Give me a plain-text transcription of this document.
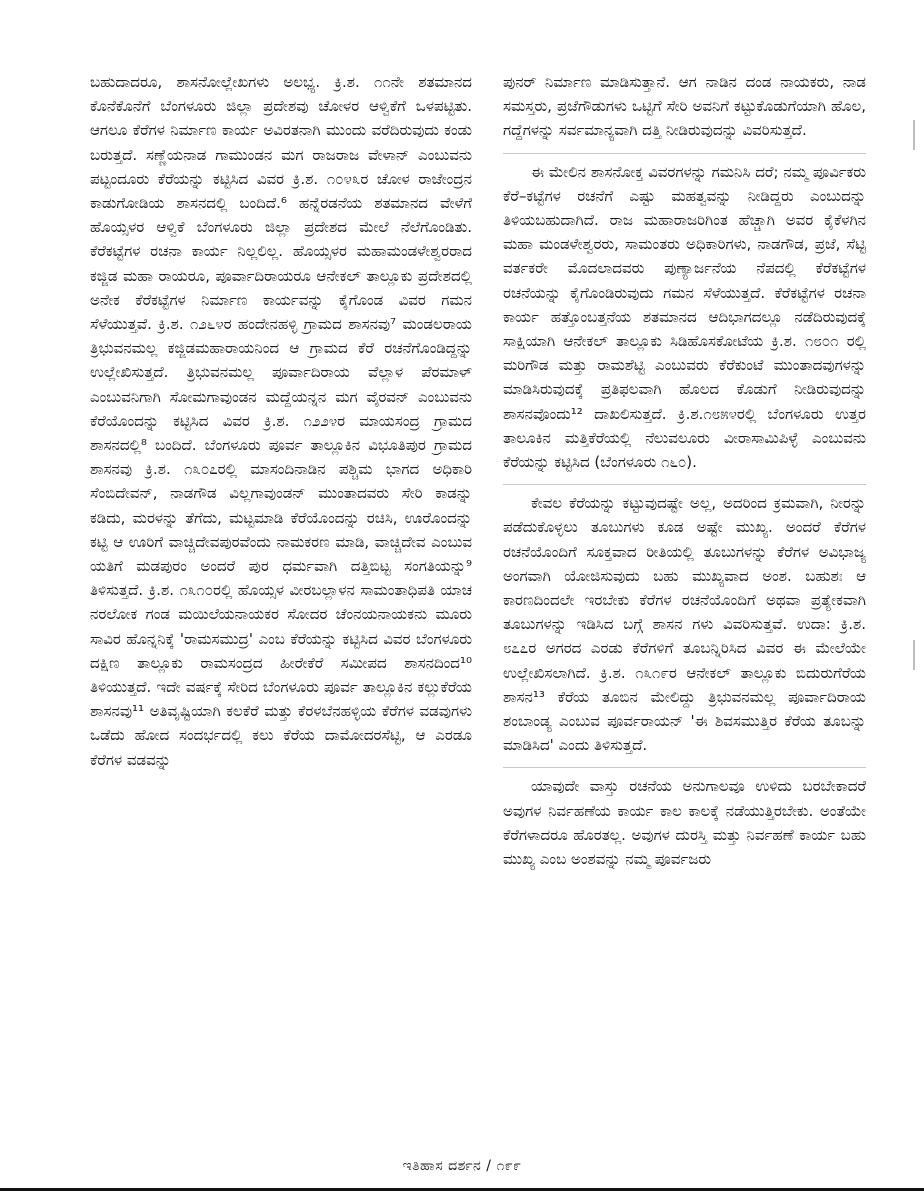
ಬಹುದಾದರೂ, ಶಾಸನೋಲ್ಲೇಖಗಳು ಅಲಭ್ಯ. ಕ್ರಿ.ಶ. ೧೧ನೇ ಶತಮಾನದ ಕೊನೆಕೊನೆಗೆ ಬೆಂಗಳೂರು ಜಿಲ್ಲಾ ಪ್ರದೇಶವು ಚೋಳರ ಆಳ್ವಿಕೆಗೆ ಒಳಪಟ್ಟಿತು. ಆಗಲೂ ಕೆರೆಗಳ ನಿರ್ಮಾಣ ಕಾರ್ಯ ಅವಿರತನಾಗಿ ಮುಂದು ವರೆದಿರುವುದು ಕಂಡು ಬರುತ್ತದೆ. ಸಣ್ಣೆಯನಾಡ ಗಾಮುಂಡನ ಮಗ ರಾಜರಾಜ ವೇಳಾನ್ ಎಂಬುವನು ಪಟ್ಟಂದೂರು ಕೆರೆಯನ್ನು ಕಟ್ಟಿಸಿದ ವಿವರ ಕ್ರಿ.ಶ. ೧೦೪೩ರ ಚೋಳ ರಾಜೇಂದ್ರನ ಕಾಡುಗೋಡಿಯ ಶಾಸನದಲ್ಲಿ ಬಂದಿದೆ.⁶ ಹನ್ನೆರಡನೆಯ ಶತಮಾನದ ವೇಳೆಗೆ ಹೊಯ್ಸಳರ ಆಳ್ವಿಕೆ ಬೆಂಗಳೂರು ಜಿಲ್ಲಾ ಪ್ರದೇಶದ ಮೇಲೆ ನೆಲೆಗೊಂಡಿತು. ಕೆರೆಕಟ್ಟೆಗಳ ರಚನಾ ಕಾರ್ಯ ನಿಲ್ಲಲಿಲ್ಲ. ಹೊಯ್ಸಳರ ಮಹಾಮಂಡಳೇಶ್ವರರಾದ ಕಜ್ಜಿಡ ಮಹಾ ರಾಯರೂ, ಪೂರ್ವಾದಿರಾಯರೂ ಆನೇಕಲ್ ತಾಲ್ಲೂಕು ಪ್ರದೇಶದಲ್ಲಿ ಅನೇಕ ಕೆರೆಕಟ್ಟೆಗಳ ನಿರ್ಮಾಣ ಕಾರ್ಯವನ್ನು ಕೈಗೊಂಡ ವಿವರ ಗಮನ ಸೆಳೆಯುತ್ತವೆ. ಕ್ರಿ.ಶ. ೧೨೬೪ರ ಹಂದೇನಹಳ್ಳಿ ಗ್ರಾಮದ ಶಾಸನವು⁷ ಮಂಡಲರಾಯ ತ್ರಿಭುವನಮಲ್ಲ ಕಜ್ಜಿಡಮಹಾರಾಯನಿಂದ ಆ ಗ್ರಾಮದ ಕೆರೆ ರಚನೆಗೊಂಡಿದ್ದನ್ನು ಉಲ್ಲೇಖಿಸುತ್ತದೆ. ತ್ರಿಭುವನಮಲ್ಲ ಪೂರ್ವಾದಿರಾಯ ವೆಲ್ಲಾಳ ಪೆರಮಾಳ್ ಎಂಬುವನಿಗಾಗಿ ಸೋಮಗಾವುಂಡನ ಮದ್ದೆಯನ್ನನ ಮಗ ವೈರವನ್ ಎಂಬುವನು ಕೆರೆಯೊಂದನ್ನು ಕಟ್ಟಿಸಿದ ವಿವರ ಕ್ರಿ.ಶ. ೧೨೨೪ರ ಮಾಯಸಂದ್ರ ಗ್ರಾಮದ ಶಾಸನದಲ್ಲಿ⁸ ಬಂದಿದೆ. ಬೆಂಗಳೂರು ಪೂರ್ವ ತಾಲ್ಲೂಕಿನ ವಿಭೂತಿಪುರ ಗ್ರಾಮದ ಶಾಸನವು ಕ್ರಿ.ಶ. ೧೩೦೭ರಲ್ಲಿ ಮಾಸಂದಿನಾಡಿನ ಪಶ್ಚಿಮ ಭಾಗದ ಅಧಿಕಾರಿ ಸೆಂಬಿದೇವನ್, ನಾಡಗೌಡ ವಿಲ್ಲಗಾವುಂಡನ್ ಮುಂತಾದವರು ಸೇರಿ ಕಾಡನ್ನು ಕಡಿದು, ಮರಳನ್ನು ತೆಗೆದು, ಮಟ್ಟಮಾಡಿ ಕೆರೆಯೊಂದನ್ನು ರಚಿಸಿ, ಊರೊಂದನ್ನು ಕಟ್ಟಿ ಆ ಊರಿಗೆ ವಾಚ್ಚಿದೇವಪುರವೆಂದು ನಾಮಕರಣ ಮಾಡಿ, ವಾಚ್ಚಿದೇವ ಎಂಬುವ ಯತಿಗೆ ಮಡಪುರಂ ಅಂದರೆ ಪುರ ಧರ್ಮವಾಗಿ ದತ್ತಿಬಿಟ್ಟ ಸಂಗತಿಯನ್ನು⁹ ತಿಳಿಸುತ್ತದೆ. ಕ್ರಿ.ಶ. ೧೩೧೦ರಲ್ಲಿ ಹೊಯ್ಸಳ ವೀರಬಲ್ಲಾಳನ ಸಾಮಂತಾಧಿಪತಿ ಯಾಚ ನರಲೋಕ ಗಂಡ ಮಯಿಲೆಯನಾಯಕರ ಸೋದರ ಚೆಂನಯನಾಯಕನು ಮೂರು ಸಾವಿರ ಹೊನ್ನನಿಕ್ಕೆ 'ರಾಮಸಮುದ್ರ' ಎಂಬ ಕೆರೆಯನ್ನು ಕಟ್ಟಿಸಿದ ವಿವರ ಬೆಂಗಳೂರು ದಕ್ಷಿಣ ತಾಲ್ಲೂಕು ರಾಮಸಂದ್ರದ ಹೀರೇಕೆರೆ ಸಮೀಪದ ಶಾಸನದಿಂದ¹⁰ ತಿಳಿಯುತ್ತದೆ. ಇದೇ ವರ್ಷಕ್ಕೆ ಸೇರಿದ ಬೆಂಗಳೂರು ಪೂರ್ವ ತಾಲ್ಲೂಕಿನ ಕಲ್ಲುಕೆರೆಯ ಶಾಸನವು¹¹ ಅತಿವೃಷ್ಟಿಯಾಗಿ ಕಲಕೆರೆ ಮತ್ತು ಕೆರಳಬೆನಹಳ್ಳಿಯ ಕೆರೆಗಳ ವಡವುಗಳು ಒಡೆದು ಹೋದ ಸಂದರ್ಭದಲ್ಲಿ ಕಲು ಕೆರೆಯ ದಾಮೋದರಸೆಟ್ಟಿ, ಆ ಎರಡೂ ಕೆರೆಗಳ ವಡವನ್ನು

ಪುನರ್ ನಿರ್ಮಾಣ ಮಾಡಿಸುತ್ತಾನೆ. ಆಗ ನಾಡಿನ ದಂಡ ನಾಯಕರು, ನಾಡ ಸಮಸ್ತರು, ಪ್ರಜೆಗೌಡುಗಳು ಒಟ್ಟಿಗೆ ಸೇರಿ ಅವನಿಗೆ ಕಟ್ಟುಕೊಡುಗೆಯಾಗಿ ಹೊಲ, ಗದ್ದೆಗಳನ್ನು ಸರ್ವಮಾನ್ಯವಾಗಿ ದತ್ತಿ ನೀಡಿರುವುದನ್ನು ವಿವರಿಸುತ್ತದೆ.

ಈ ಮೇಲಿನ ಶಾಸನೋಕ್ತ ವಿವರಗಳನ್ನು ಗಮನಿಸಿ ದರೆ; ನಮ್ಮ ಪೂರ್ವಿಕರು ಕೆರೆ–ಕಟ್ಟೆಗಳ ರಚನೆಗೆ ಎಷ್ಟು ಮಹತ್ವವನ್ನು ನೀಡಿದ್ದರು ಎಂಬುದನ್ನು ತಿಳಿಯಬಹುದಾಗಿದೆ. ರಾಜ ಮಹಾರಾಜರಿಗಿಂತ ಹೆಚ್ಚಾಗಿ ಅವರ ಕೈಕೆಳಗಿನ ಮಹಾ ಮಂಡಳೇಶ್ವರರು, ಸಾಮಂತರು ಅಧಿಕಾರಿಗಳು, ನಾಡಗೌಡ, ಪ್ರಜೆ, ಸೆಟ್ಟಿ ವರ್ತಕರೇ ಮೊದಲಾದವರು ಪುಣ್ಯಾರ್ಜನೆಯ ನೆಪದಲ್ಲಿ ಕೆರೆಕಟ್ಟೆಗಳ ರಚನೆಯನ್ನು ಕೈಗೊಂಡಿರುವುದು ಗಮನ ಸೆಳೆಯುತ್ತದೆ. ಕೆರೆಕಟ್ಟೆಗಳ ರಚನಾ ಕಾರ್ಯ ಹತ್ತೊಂಬತ್ತನೆಯ ಶತಮಾನದ ಆದಿಭಾಗದಲ್ಲೂ ನಡೆದಿರುವುದಕ್ಕೆ ಸಾಕ್ಷಿಯಾಗಿ ಆನೇಕಲ್ ತಾಲ್ಲೂಕು ಸಿಡಿಹೊಸಕೋಟೆಯ ಕ್ರಿ.ಶ. ೧೮೦೧ ರಲ್ಲಿ ಮರಿಗೌಡ ಮತ್ತು ರಾಮಶೆಟ್ಟಿ ಎಂಬುವರು ಕೆರೆಕುಂಟೆ ಮುಂತಾದವುಗಳನ್ನು ಮಾಡಿಸಿರುವುದಕ್ಕೆ ಪ್ರತಿಫಲವಾಗಿ ಹೊಲದ ಕೊಡುಗೆ ನೀಡಿರುವುದನ್ನು ಶಾಸನವೊಂದು¹² ದಾಖಲಿಸುತ್ತದೆ. ಕ್ರಿ.ಶ.೧೮೫೪ರಲ್ಲಿ ಬೆಂಗಳೂರು ಉತ್ತರ ತಾಲೂಕಿನ ಮತ್ತಿಕೆರೆಯಲ್ಲಿ ನೆಲುವಲೂರು ವೀರಾಸಾಮಿಪಿಳ್ಳೆ ಎಂಬುವನು ಕೆರೆಯನ್ನು ಕಟ್ಟಿಸಿದ (ಬೆಂಗಳೂರು ೧೬೦).

ಕೇವಲ ಕೆರೆಯನ್ನು ಕಟ್ಟುವುದಷ್ಟೇ ಅಲ್ಲ, ಅದರಿಂದ ಕ್ರಮವಾಗಿ, ನೀರನ್ನು ಪಡೆದುಕೊಳ್ಳಲು ತೂಬುಗಳು ಕೂಡ ಅಷ್ಟೇ ಮುಖ್ಯ. ಅಂದರೆ ಕೆರೆಗಳ ರಚನೆಯೊಂದಿಗೆ ಸೂಕ್ತವಾದ ರೀತಿಯಲ್ಲಿ ತೂಬುಗಳನ್ನು ಕೆರೆಗಳ ಅವಿಭಾಜ್ಯ ಅಂಗವಾಗಿ ಯೋಜಿಸುವುದು ಬಹು ಮುಖ್ಯವಾದ ಅಂಶ. ಬಹುಶಃ ಆ ಕಾರಣದಿಂದಲೇ ಇರಬೇಕು ಕೆರೆಗಳ ರಚನೆಯೊಂದಿಗೆ ಅಥವಾ ಪ್ರತ್ಯೇಕವಾಗಿ ತೂಬುಗಳನ್ನು ಇಡಿಸಿದ ಬಗ್ಗೆ ಶಾಸನ ಗಳು ವಿವರಿಸುತ್ತವೆ. ಉದಾ: ಕ್ರಿ.ಶ. ೮೭೭ರ ಅಗರದ ಎರಡು ಕೆರೆಗಳಿಗೆ ತೂಬನ್ನಿರಿಸಿದ ವಿವರ ಈ ಮೇಲೆಯೇ ಉಲ್ಲೇಖಿಸಲಾಗಿದೆ. ಕ್ರಿ.ಶ. ೧೩೧೯ರ ಆನೇಕಲ್ ತಾಲ್ಲೂಕು ಬಿದುರುಗೆರೆಯ ಶಾಸನ¹³ ಕೆರೆಯ ತೂಬಿನ ಮೇಲಿದ್ದು ತ್ರಿಭುವನಮಲ್ಲ ಪೂರ್ವಾದಿರಾಯ ಶಂಬಾಂಡ್ಯ ಎಂಬುವ ಪೂರ್ವರಾಯನ್ 'ಈ ಶಿವಸಮುತ್ತಿರ ಕೆರೆಯ ತೂಬನ್ನು ಮಾಡಿಸಿದ' ಎಂದು ತಿಳಿಸುತ್ತದೆ.

ಯಾವುದೇ ವಾಸ್ತು ರಚನೆಯ ಅನುಗಾಲವೂ ಉಳಿದು ಬರಬೇಕಾದರೆ ಅವುಗಳ ನಿರ್ವಹಣೆಯ ಕಾರ್ಯ ಕಾಲ ಕಾಲಕ್ಕೆ ನಡೆಯುತ್ತಿರಬೇಕು. ಅಂತೆಯೇ ಕೆರೆಗಳಾದರೂ ಹೊರತಲ್ಲ. ಅವುಗಳ ದುರಸ್ತಿ ಮತ್ತು ನಿರ್ವಹಣೆ ಕಾರ್ಯ ಬಹು ಮುಖ್ಯ ಎಂಬ ಅಂಶವನ್ನು ನಮ್ಮ ಪೂರ್ವಜರು

ಇತಿಹಾಸ ದರ್ಶನ / ೧೯೯
